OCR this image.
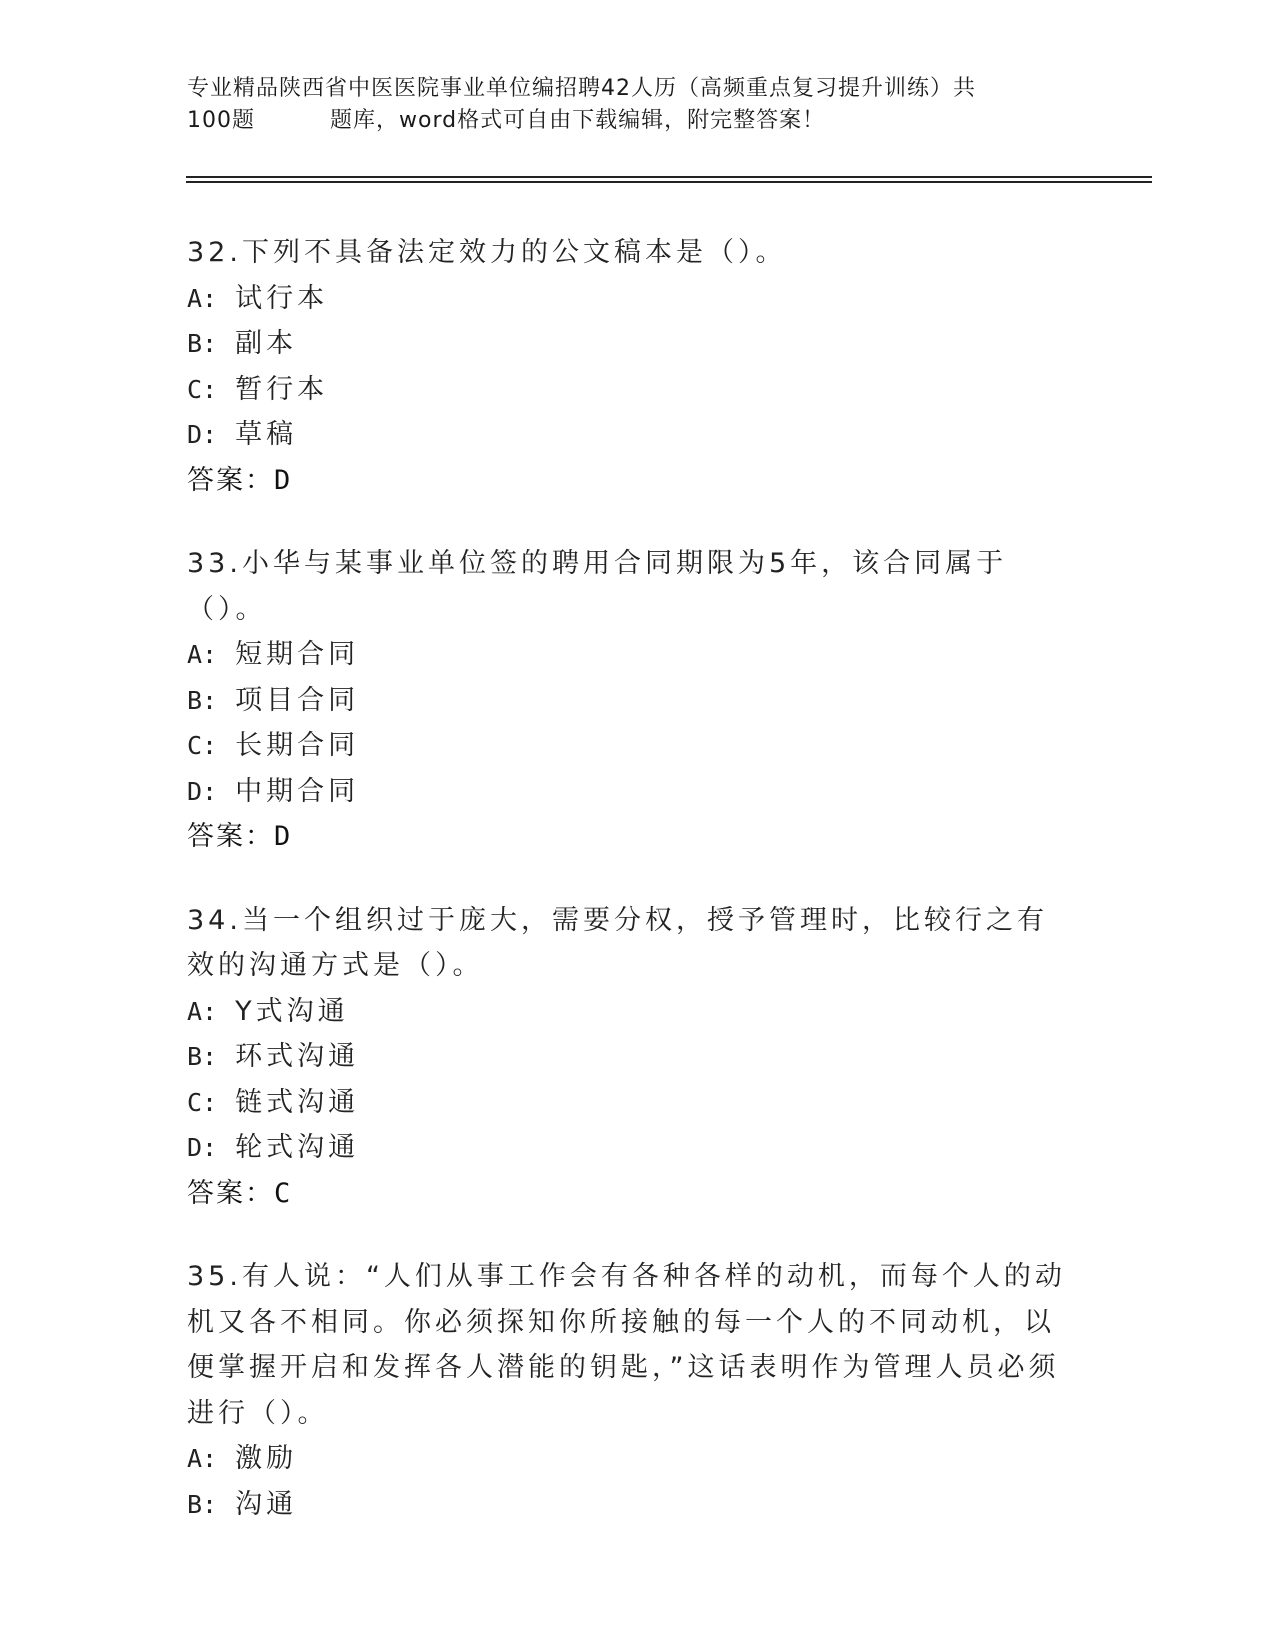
专业精品陕西省中医医院事业单位编招聘42人历（高频重点复习提升训练）共
100题	题库，word格式可自由下载编辑，附完整答案！
32.下列不具备法定效力的公文稿本是（）。
A: 试行本
B: 副本
C: 暂行本
D: 草稿
答案：D
33.小华与某事业单位签的聘用合同期限为5年，该合同属于（）。
A: 短期合同
B: 项目合同
C: 长期合同
D: 中期合同
答案：D
34.当一个组织过于庞大，需要分权，授予管理时，比较行之有效的沟通方式是（）。
A: Y式沟通
B: 环式沟通
C: 链式沟通
D: 轮式沟通
答案：C
35.有人说：“人们从事工作会有各种各样的动机，而每个人的动机又各不相同。你必须探知你所接触的每一个人的不同动机，以便掌握开启和发挥各人潜能的钥匙，”这话表明作为管理人员必须进行（）。
A: 激励
B: 沟通
